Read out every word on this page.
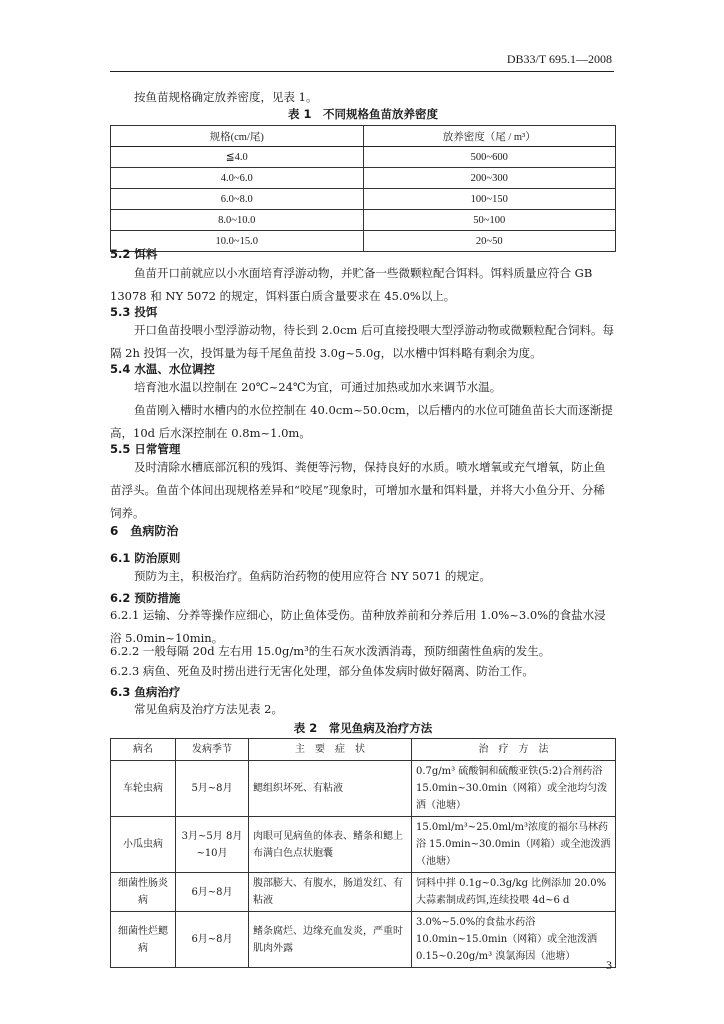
DB33/T 695.1—2008
按鱼苗规格确定放养密度，见表 1。
表 1　不同规格鱼苗放养密度
规格(cm/尾)	放养密度（尾 / m³）
≦4.0	500~600
4.0~6.0	200~300
6.0~8.0	100~150
8.0~10.0	50~100
10.0~15.0	20~50
5.2 饵料
鱼苗开口前就应以小水面培育浮游动物，并贮备一些微颗粒配合饵料。饵料质量应符合 GB 13078 和 NY 5072 的规定，饵料蛋白质含量要求在 45.0%以上。
5.3 投饵
开口鱼苗投喂小型浮游动物，待长到 2.0cm 后可直接投喂大型浮游动物或微颗粒配合饲料。每隔 2h 投饵一次，投饵量为每千尾鱼苗投 3.0g~5.0g，以水槽中饵料略有剩余为度。
5.4 水温、水位调控
培育池水温以控制在 20℃~24℃为宜，可通过加热或加水来调节水温。
鱼苗刚入槽时水槽内的水位控制在 40.0cm~50.0cm，以后槽内的水位可随鱼苗长大而逐渐提高，10d 后水深控制在 0.8m~1.0m。
5.5 日常管理
及时清除水槽底部沉积的残饵、粪便等污物，保持良好的水质。喷水增氧或充气增氧，防止鱼苗浮头。鱼苗个体间出现规格差异和“咬尾”现象时，可增加水量和饵料量，并将大小鱼分开、分稀饲养。
6　鱼病防治
6.1 防治原则
预防为主，积极治疗。鱼病防治药物的使用应符合 NY 5071 的规定。
6.2 预防措施
6.2.1 运输、分养等操作应细心，防止鱼体受伤。苗种放养前和分养后用 1.0%~3.0%的食盐水浸浴 5.0min~10min。
6.2.2 一般每隔 20d 左右用 15.0g/m³的生石灰水泼洒消毒，预防细菌性鱼病的发生。
6.2.3 病鱼、死鱼及时捞出进行无害化处理，部分鱼体发病时做好隔离、防治工作。
6.3 鱼病治疗
常见鱼病及治疗方法见表 2。
表 2　常见鱼病及治疗方法
病名	发病季节	主　要　症　状	治　疗　方　法
车轮虫病	5月~8月	鳃组织坏死、有粘液	0.7g/m³ 硫酸铜和硫酸亚铁(5:2)合剂药浴 15.0min~30.0min（网箱）或全池均匀泼洒（池塘）
小瓜虫病	3月~5月 8月~10月	肉眼可见病鱼的体表、鳍条和鳃上布满白色点状胞囊	15.0ml/m³~25.0ml/m³浓度的福尔马林药浴 15.0min~30.0min（网箱）或全池泼洒（池塘）
细菌性肠炎病	6月~8月	腹部膨大、有腹水，肠道发红、有粘液	饲料中拌 0.1g~0.3g/kg 比例添加 20.0%大蒜素制成药饵,连续投喂 4d~6 d
细菌性烂鳃病	6月~8月	鳍条腐烂、边缘充血发炎，严重时肌肉外露	3.0%~5.0%的食盐水药浴 10.0min~15.0min（网箱）或全池泼洒 0.15~0.20g/m³ 溴氯海因（池塘）
3
